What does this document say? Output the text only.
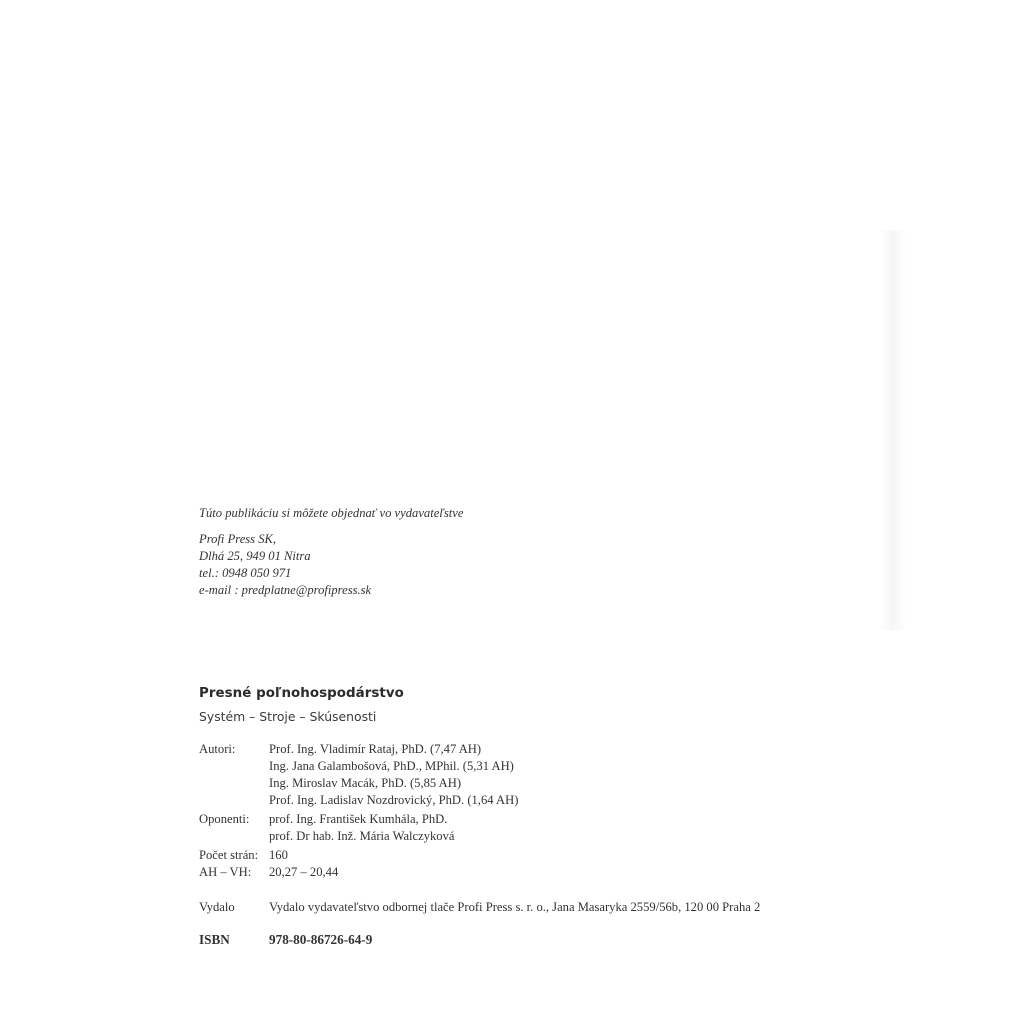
Túto publikáciu si môžete objednať vo vydavateľstve

Profi Press SK,
Dlhá 25, 949 01 Nitra
tel.: 0948 050 971
e-mail : predplatne@profipress.sk
Presné poľnohospodárstvo
Systém – Stroje – Skúsenosti
Autori:	Prof. Ing. Vladimír Rataj, PhD. (7,47 AH)
Ing. Jana Galambošová, PhD., MPhil. (5,31 AH)
Ing. Miroslav Macák, PhD. (5,85 AH)
Prof. Ing. Ladislav Nozdrovický, PhD. (1,64 AH)
Oponenti: prof. Ing. František Kumhála, PhD.
prof. Dr hab. Inž. Mária Walczyková
Počet strán: 160
AH – VH: 20,27 – 20,44
Vydalo	Vydalo vydavateľstvo odbornej tlače Profi Press s. r. o., Jana Masaryka 2559/56b, 120 00 Praha 2
ISBN	978-80-86726-64-9
